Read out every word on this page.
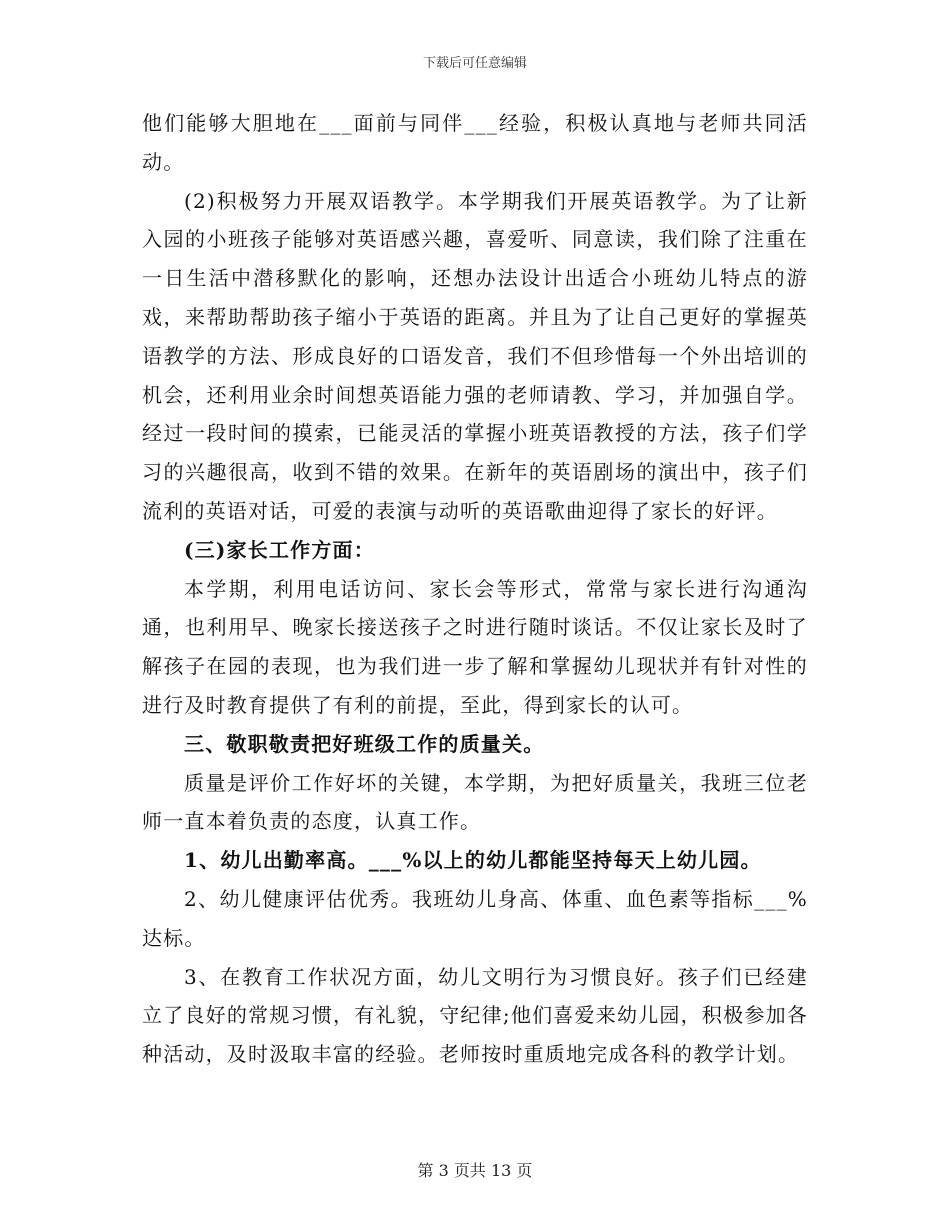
下载后可任意编辑

他们能够大胆地在___面前与同伴___经验，积极认真地与老师共同活动。

(2)积极努力开展双语教学。本学期我们开展英语教学。为了让新入园的小班孩子能够对英语感兴趣，喜爱听、同意读，我们除了注重在一日生活中潜移默化的影响，还想办法设计出适合小班幼儿特点的游戏，来帮助帮助孩子缩小于英语的距离。并且为了让自己更好的掌握英语教学的方法、形成良好的口语发音，我们不但珍惜每一个外出培训的机会，还利用业余时间想英语能力强的老师请教、学习，并加强自学。经过一段时间的摸索，已能灵活的掌握小班英语教授的方法，孩子们学习的兴趣很高，收到不错的效果。在新年的英语剧场的演出中，孩子们流利的英语对话，可爱的表演与动听的英语歌曲迎得了家长的好评。

(三)家长工作方面：

本学期，利用电话访问、家长会等形式，常常与家长进行沟通沟通，也利用早、晚家长接送孩子之时进行随时谈话。不仅让家长及时了解孩子在园的表现，也为我们进一步了解和掌握幼儿现状并有针对性的进行及时教育提供了有利的前提，至此，得到家长的认可。

三、敬职敬责把好班级工作的质量关。

质量是评价工作好坏的关键，本学期，为把好质量关，我班三位老师一直本着负责的态度，认真工作。

1、幼儿出勤率高。___%以上的幼儿都能坚持每天上幼儿园。

2、幼儿健康评估优秀。我班幼儿身高、体重、血色素等指标___%达标。

3、在教育工作状况方面，幼儿文明行为习惯良好。孩子们已经建立了良好的常规习惯，有礼貌，守纪律;他们喜爱来幼儿园，积极参加各种活动，及时汲取丰富的经验。老师按时重质地完成各科的教学计划。

第 3 页共 13 页
